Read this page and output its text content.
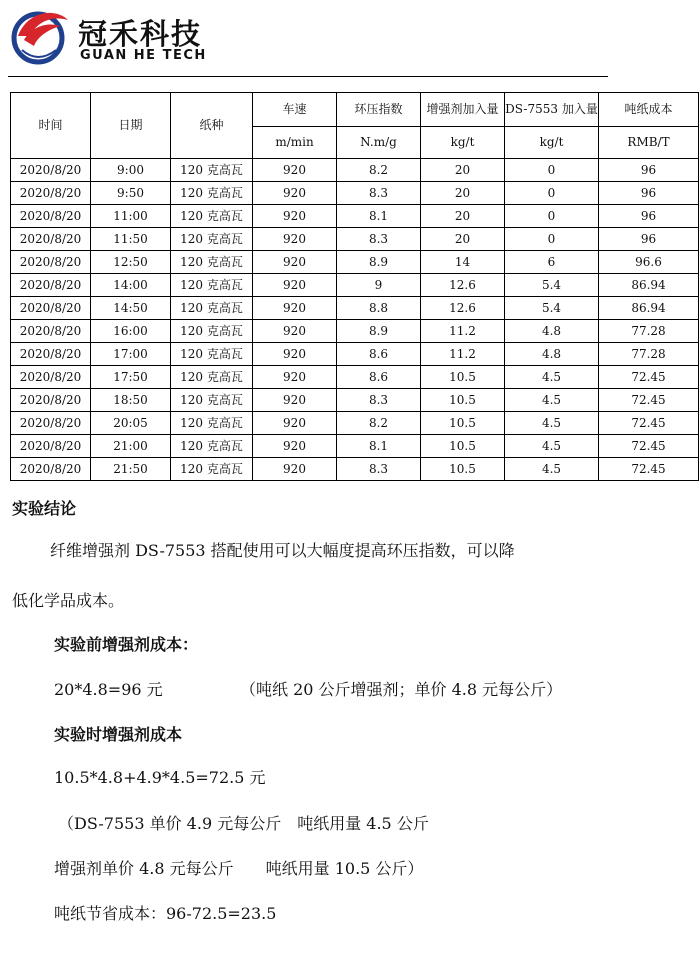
冠禾科技
GUAN HE TECH
时间	日期	纸种	车速	环压指数	增强剂加入量	DS-7553 加入量	吨纸成本
			m/min	N.m/g	kg/t	kg/t	RMB/T
2020/8/20	9:00	120 克高瓦	920	8.2	20	0	96
2020/8/20	9:50	120 克高瓦	920	8.3	20	0	96
2020/8/20	11:00	120 克高瓦	920	8.1	20	0	96
2020/8/20	11:50	120 克高瓦	920	8.3	20	0	96
2020/8/20	12:50	120 克高瓦	920	8.9	14	6	96.6
2020/8/20	14:00	120 克高瓦	920	9	12.6	5.4	86.94
2020/8/20	14:50	120 克高瓦	920	8.8	12.6	5.4	86.94
2020/8/20	16:00	120 克高瓦	920	8.9	11.2	4.8	77.28
2020/8/20	17:00	120 克高瓦	920	8.6	11.2	4.8	77.28
2020/8/20	17:50	120 克高瓦	920	8.6	10.5	4.5	72.45
2020/8/20	18:50	120 克高瓦	920	8.3	10.5	4.5	72.45
2020/8/20	20:05	120 克高瓦	920	8.2	10.5	4.5	72.45
2020/8/20	21:00	120 克高瓦	920	8.1	10.5	4.5	72.45
2020/8/20	21:50	120 克高瓦	920	8.3	10.5	4.5	72.45
实验结论
纤维增强剂 DS-7553 搭配使用可以大幅度提高环压指数，可以降
低化学品成本。
实验前增强剂成本：
20*4.8=96 元	（吨纸 20 公斤增强剂；单价 4.8 元每公斤）
实验时增强剂成本
10.5*4.8+4.9*4.5=72.5 元
（DS-7553 单价 4.9 元每公斤　吨纸用量 4.5 公斤
增强剂单价 4.8 元每公斤　　吨纸用量 10.5 公斤）
吨纸节省成本：96-72.5=23.5
